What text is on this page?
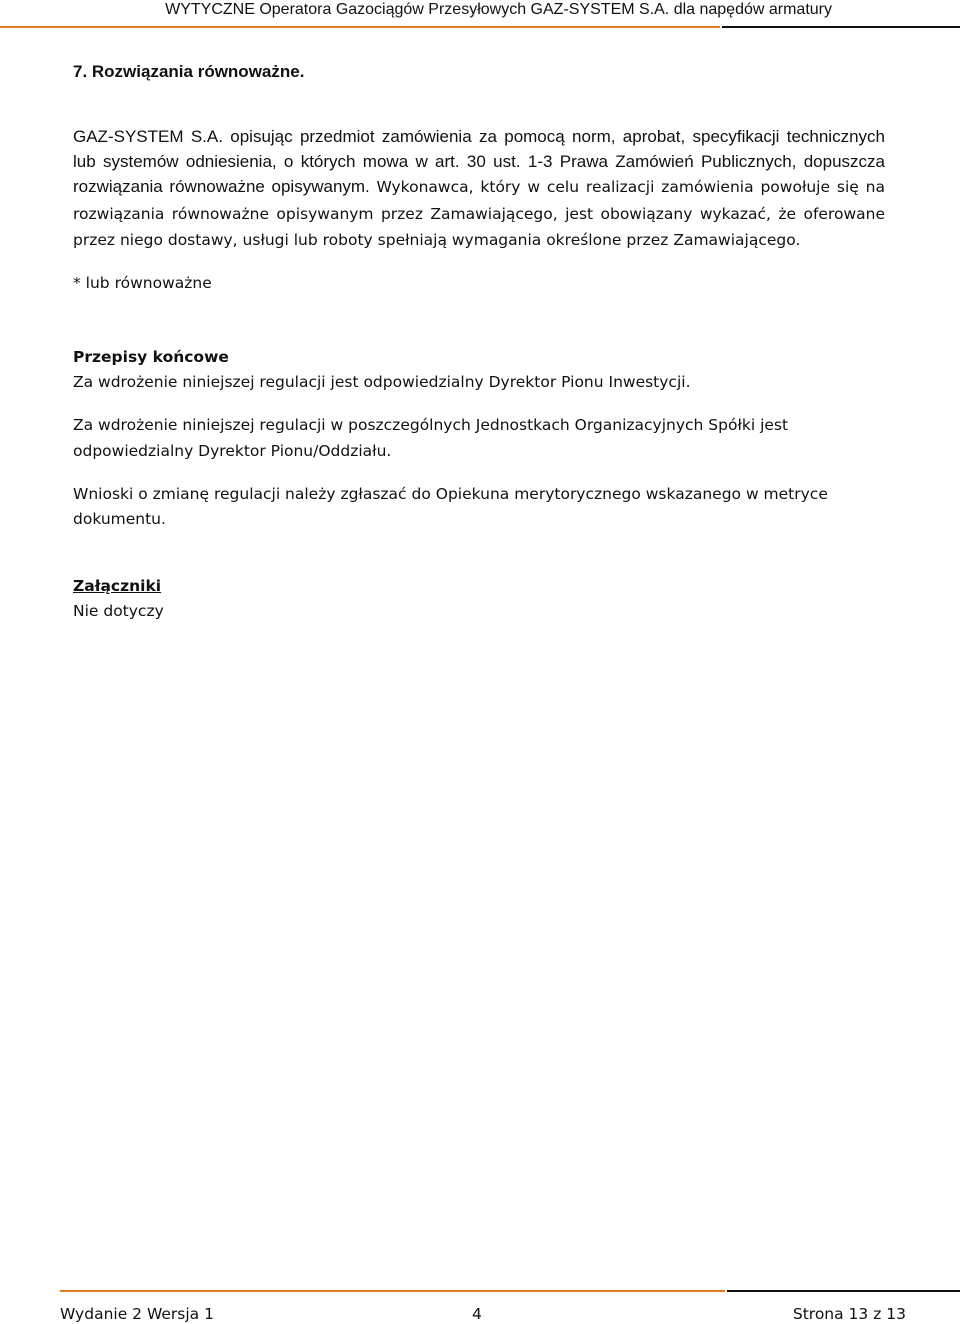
WYTYCZNE Operatora Gazociągów Przesyłowych GAZ-SYSTEM S.A. dla napędów armatury
7. Rozwiązania równoważne.

GAZ-SYSTEM S.A. opisując przedmiot zamówienia za pomocą norm, aprobat, specyfikacji technicznych lub systemów odniesienia, o których mowa w art. 30 ust. 1-3 Prawa Zamówień Publicznych, dopuszcza rozwiązania równoważne opisywanym. Wykonawca, który w celu realizacji zamówienia powołuje się na rozwiązania równoważne opisywanym przez Zamawiającego, jest obowiązany wykazać, że oferowane przez niego dostawy, usługi lub roboty spełniają wymagania określone przez Zamawiającego.

* lub równoważne

Przepisy końcowe

Za wdrożenie niniejszej regulacji jest odpowiedzialny Dyrektor Pionu Inwestycji.

Za wdrożenie niniejszej regulacji w poszczególnych Jednostkach Organizacyjnych Spółki jest odpowiedzialny Dyrektor Pionu/Oddziału.

Wnioski o zmianę regulacji należy zgłaszać do Opiekuna merytorycznego wskazanego w metryce dokumentu.

Załączniki

Nie dotyczy

Wydanie 2 Wersja 1	4	Strona 13 z 13
